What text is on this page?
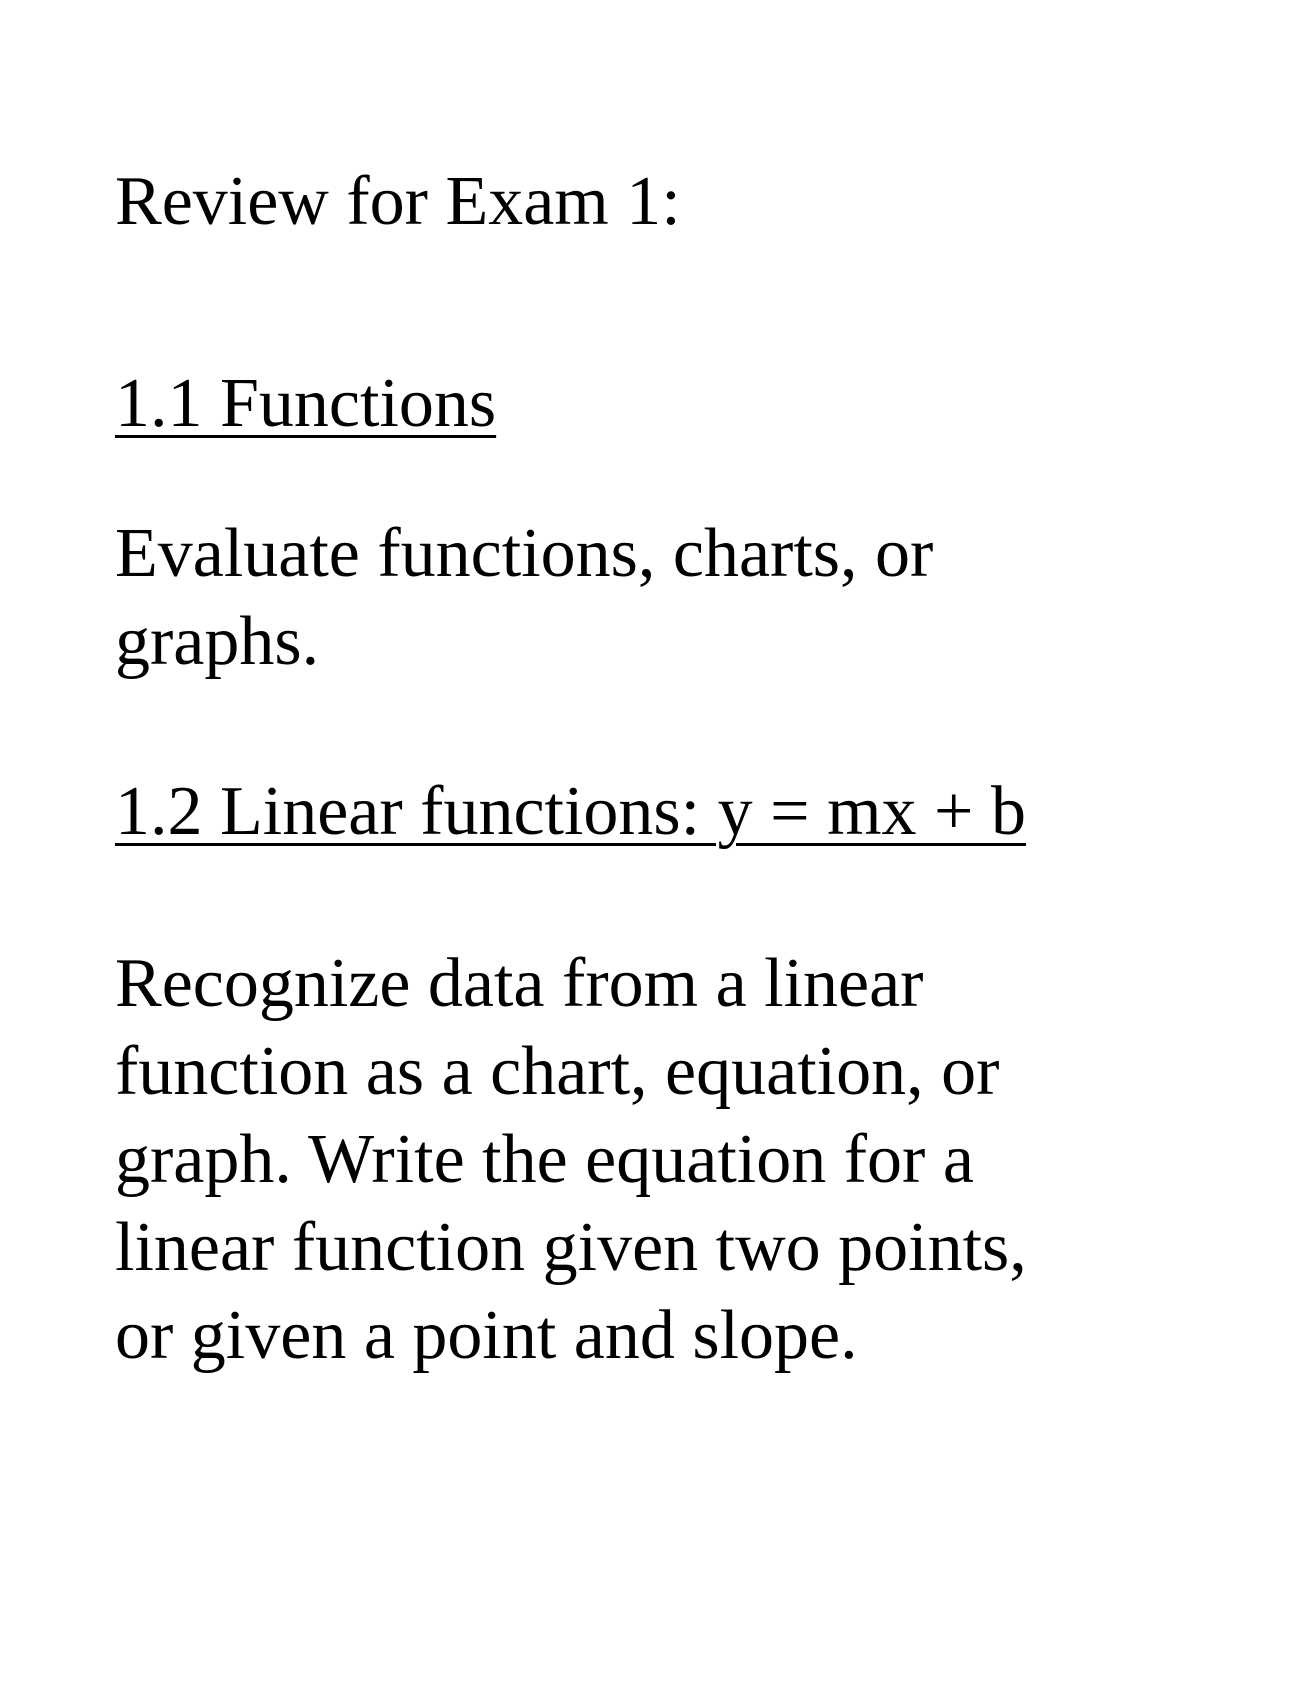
Review for Exam 1:
1.1 Functions

Evaluate functions, charts, or
graphs.

1.2 Linear functions: y = mx + b

Recognize data from a linear
function as a chart, equation, or
graph. Write the equation for a
linear function given two points,
or given a point and slope.
